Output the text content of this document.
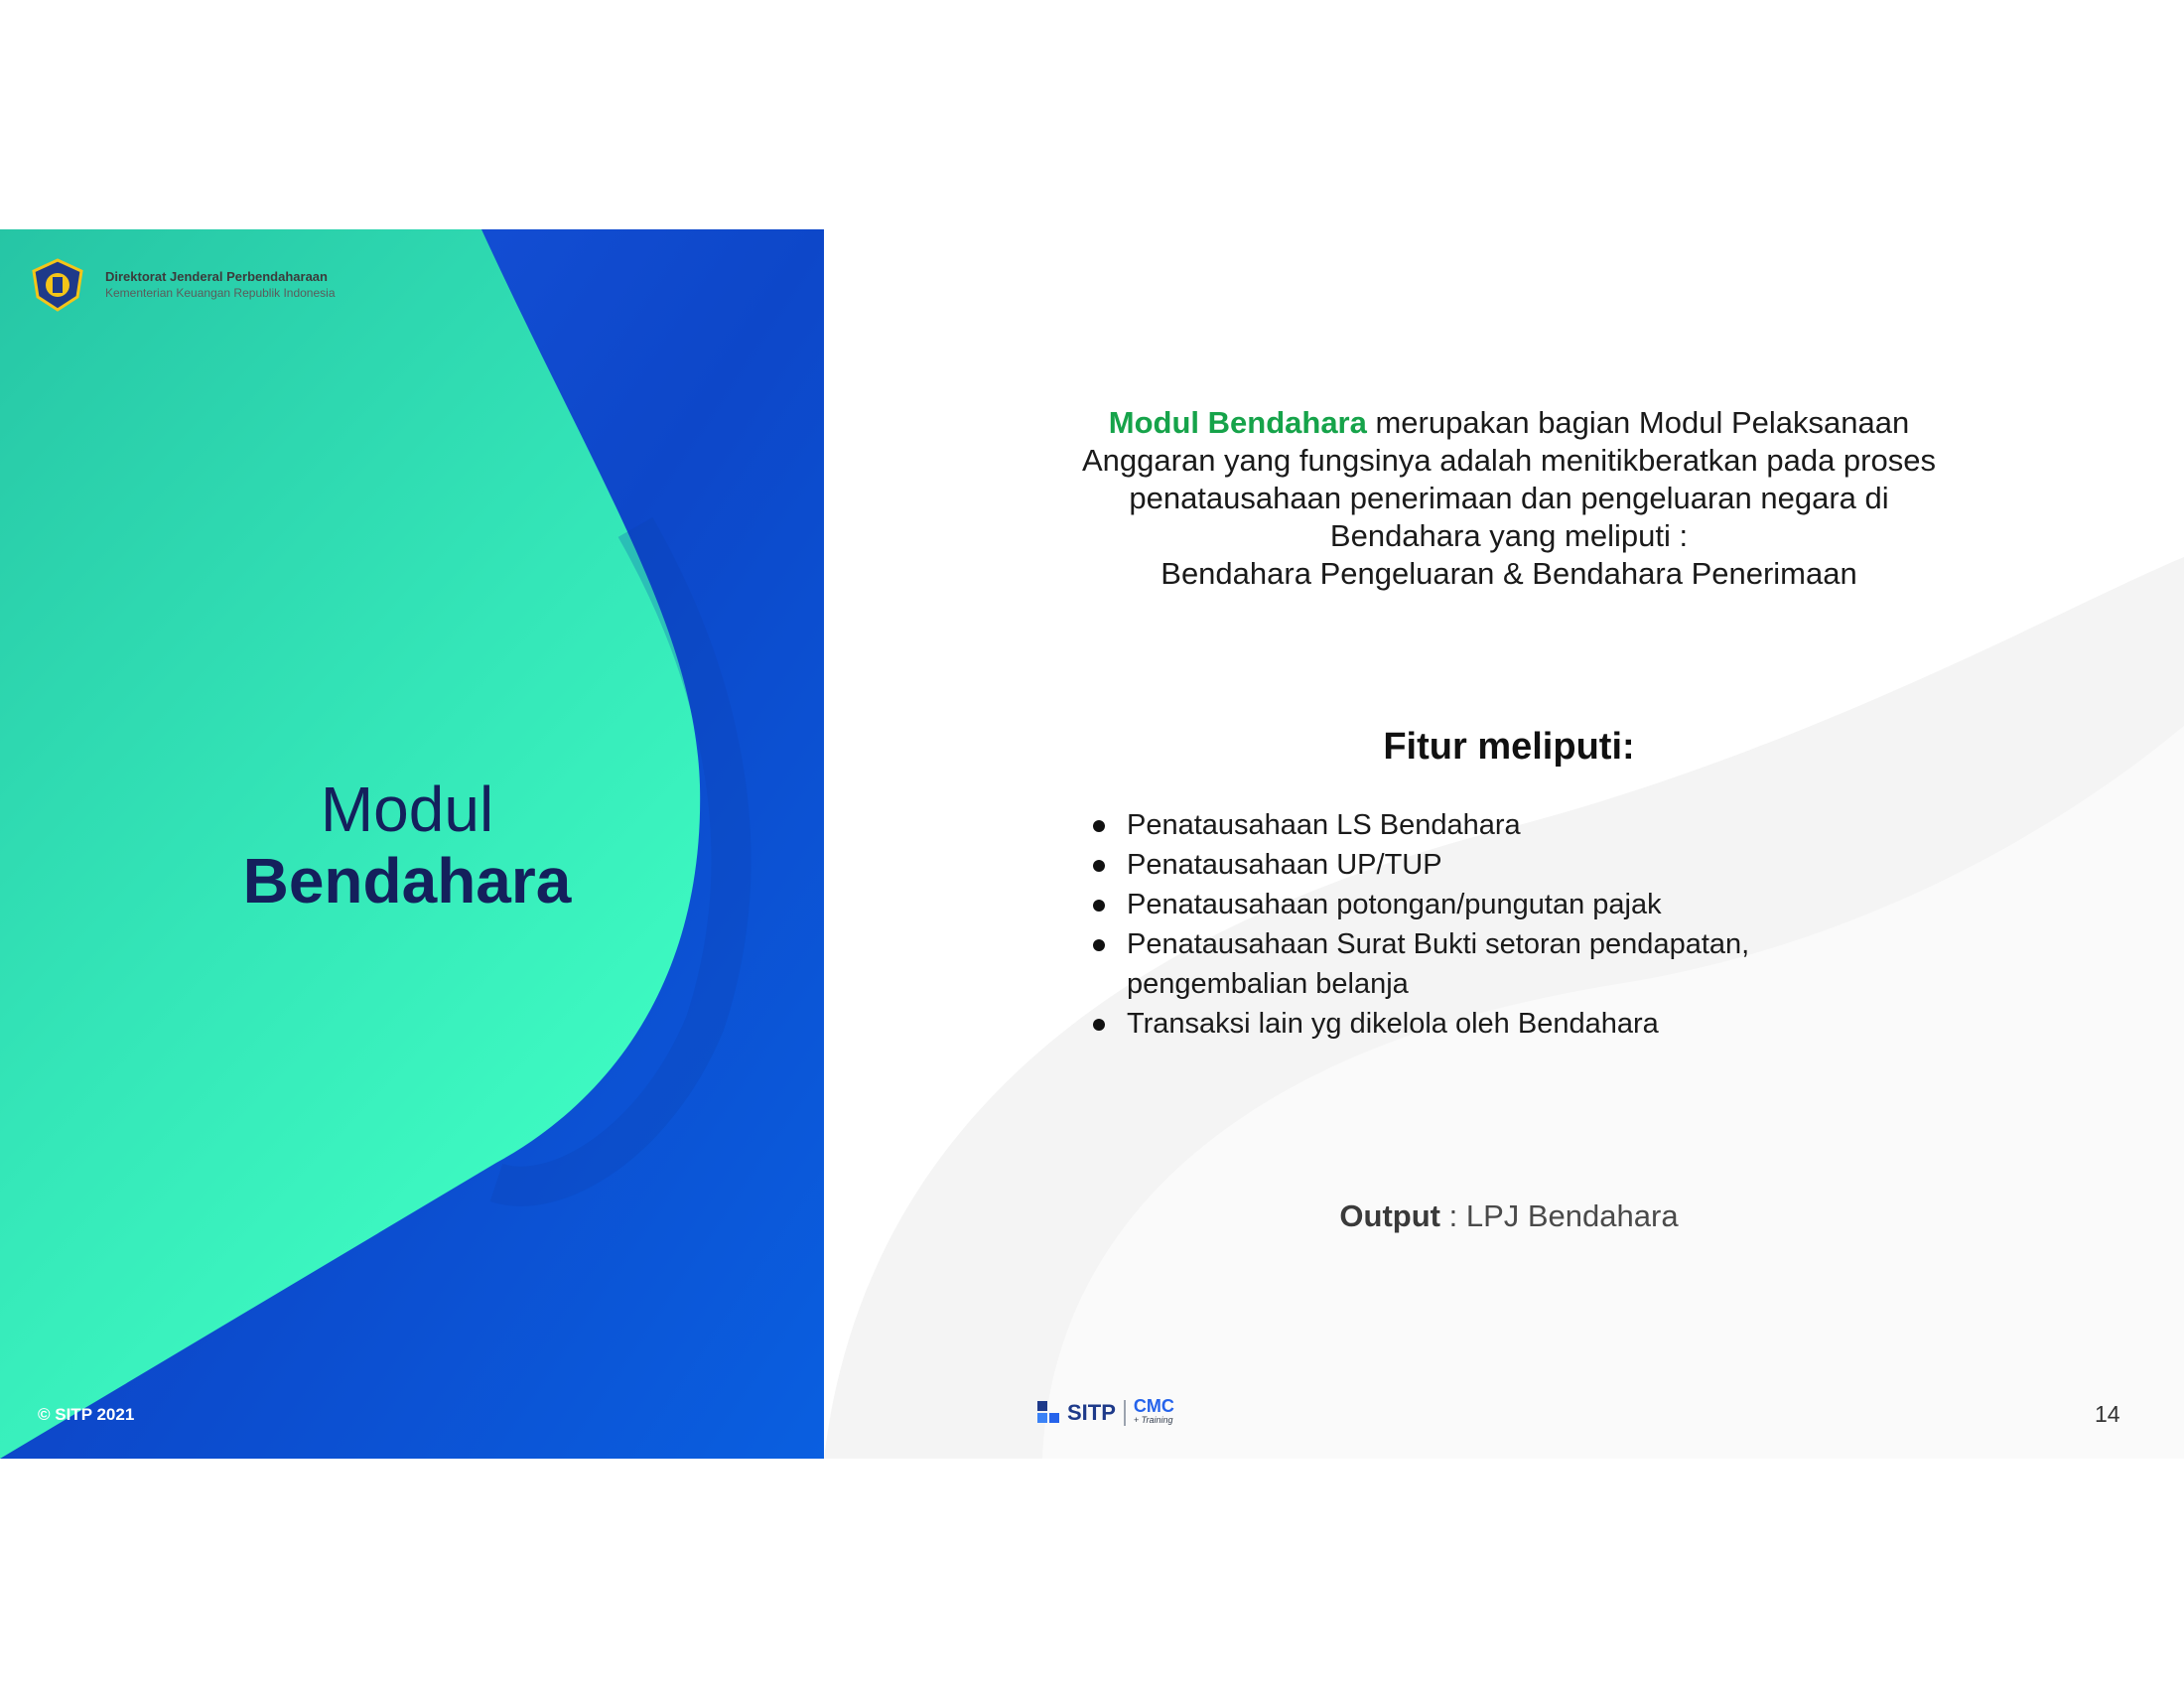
Direktorat Jenderal Perbendaharaan
Kementerian Keuangan Republik Indonesia
Modul
Bendahara
© SITP 2021
Modul Bendahara merupakan bagian Modul Pelaksanaan
Anggaran yang fungsinya adalah menitikberatkan pada proses
penatausahaan penerimaan dan pengeluaran negara di
Bendahara yang meliputi :
Bendahara Pengeluaran & Bendahara Penerimaan
Fitur meliputi:
Penatausahaan LS Bendahara
Penatausahaan UP/TUP
Penatausahaan potongan/pungutan pajak
Penatausahaan Surat Bukti setoran pendapatan, pengembalian belanja
Transaksi lain yg dikelola oleh Bendahara
Output : LPJ Bendahara
SITP CMC
+ Training	14
